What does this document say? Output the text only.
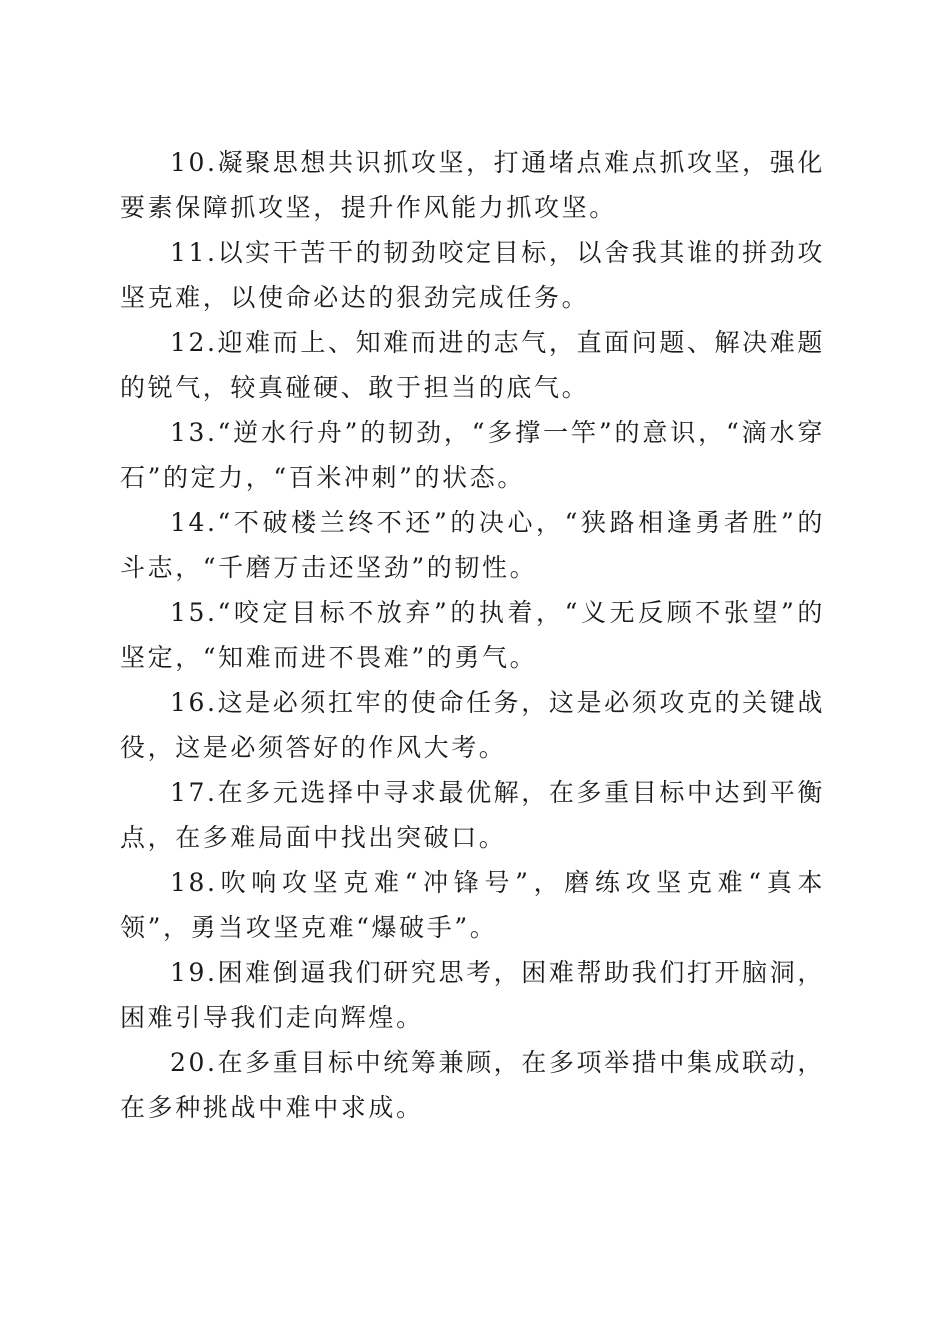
10.凝聚思想共识抓攻坚，打通堵点难点抓攻坚，强化要素保障抓攻坚，提升作风能力抓攻坚。

11.以实干苦干的韧劲咬定目标，以舍我其谁的拼劲攻坚克难，以使命必达的狠劲完成任务。

12.迎难而上、知难而进的志气，直面问题、解决难题的锐气，较真碰硬、敢于担当的底气。

13.“逆水行舟”的韧劲，“多撑一竿”的意识，“滴水穿石”的定力，“百米冲刺”的状态。

14.“不破楼兰终不还”的决心，“狭路相逢勇者胜”的斗志，“千磨万击还坚劲”的韧性。

15.“咬定目标不放弃”的执着，“义无反顾不张望”的坚定，“知难而进不畏难”的勇气。

16.这是必须扛牢的使命任务，这是必须攻克的关键战役，这是必须答好的作风大考。

17.在多元选择中寻求最优解，在多重目标中达到平衡点，在多难局面中找出突破口。

18.吹响攻坚克难“冲锋号”，磨练攻坚克难“真本领”，勇当攻坚克难“爆破手”。

19.困难倒逼我们研究思考，困难帮助我们打开脑洞，困难引导我们走向辉煌。

20.在多重目标中统筹兼顾，在多项举措中集成联动，在多种挑战中难中求成。
